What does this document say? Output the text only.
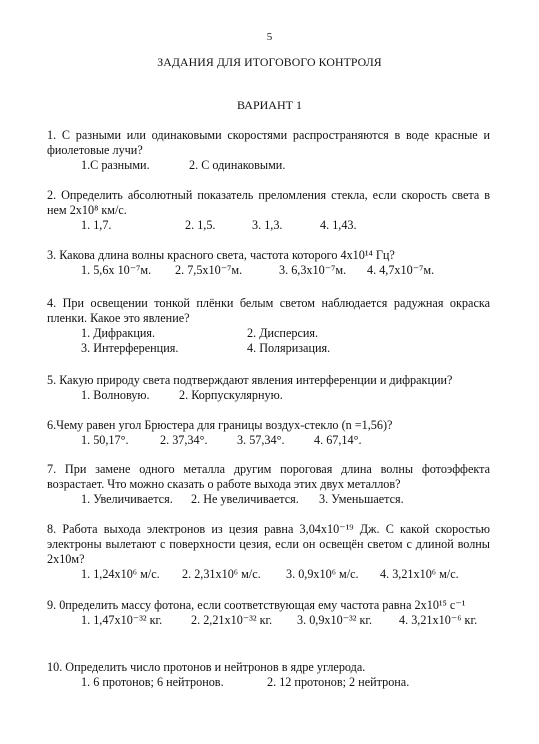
5
ЗАДАНИЯ ДЛЯ ИТОГОВОГО КОНТРОЛЯ
ВАРИАНТ 1
1. С разными или одинаковыми скоростями распространяются в воде красные и фиолетовые лучи?
1.С разными.	2. С одинаковыми.
2. Определить абсолютный показатель преломления стекла, если скорость света в нем 2х10⁸ км/с.
1. 1,7.	2. 1,5.	3. 1,3.	4. 1,43.
3. Какова длина волны красного света, частота которого 4х10¹⁴ Гц?
1. 5,6х 10⁻⁷м.	2. 7,5х10⁻⁷м.	3. 6,3х10⁻⁷м.	4. 4,7х10⁻⁷м.
4. При освещении тонкой плёнки белым светом наблюдается радужная окраска пленки. Какое это явление?
1. Дифракция.	2. Дисперсия.
3. Интерференция.	4. Поляризация.
5. Какую природу света подтверждают явления интерференции и дифракции?
1. Волновую.	2. Корпускулярную.
6.Чему равен угол Брюстера для границы воздух-стекло (n =1,56)?
1. 50,17°.	2. 37,34°.	3. 57,34°.	4. 67,14°.
7. При замене одного металла другим пороговая длина волны фотоэффекта возрастает. Что можно сказать о работе выхода этих двух металлов?
1. Увеличивается.	2. Не увеличивается.	3. Уменьшается.
8. Работа выхода электронов из цезия равна 3,04х10⁻¹⁹ Дж. С какой скоростью электроны вылетают с поверхности цезия, если он освещён светом с длиной волны 2х10м?
1. 1,24х10⁶ м/с.	2. 2,31х10⁶ м/с.	3. 0,9х10⁶ м/с.	4. 3,21х10⁶ м/с.
9. 0пределить массу фотона, если соответствующая ему частота равна 2х10¹⁵ с⁻¹
1. 1,47х10⁻³² кг.	2. 2,21х10⁻³² кг.	3. 0,9х10⁻³² кг.	4. 3,21х10⁻⁶ кг.
10. Определить число протонов и нейтронов в ядре углерода.
1. 6 протонов; 6 нейтронов.	2. 12 протонов; 2 нейтрона.
